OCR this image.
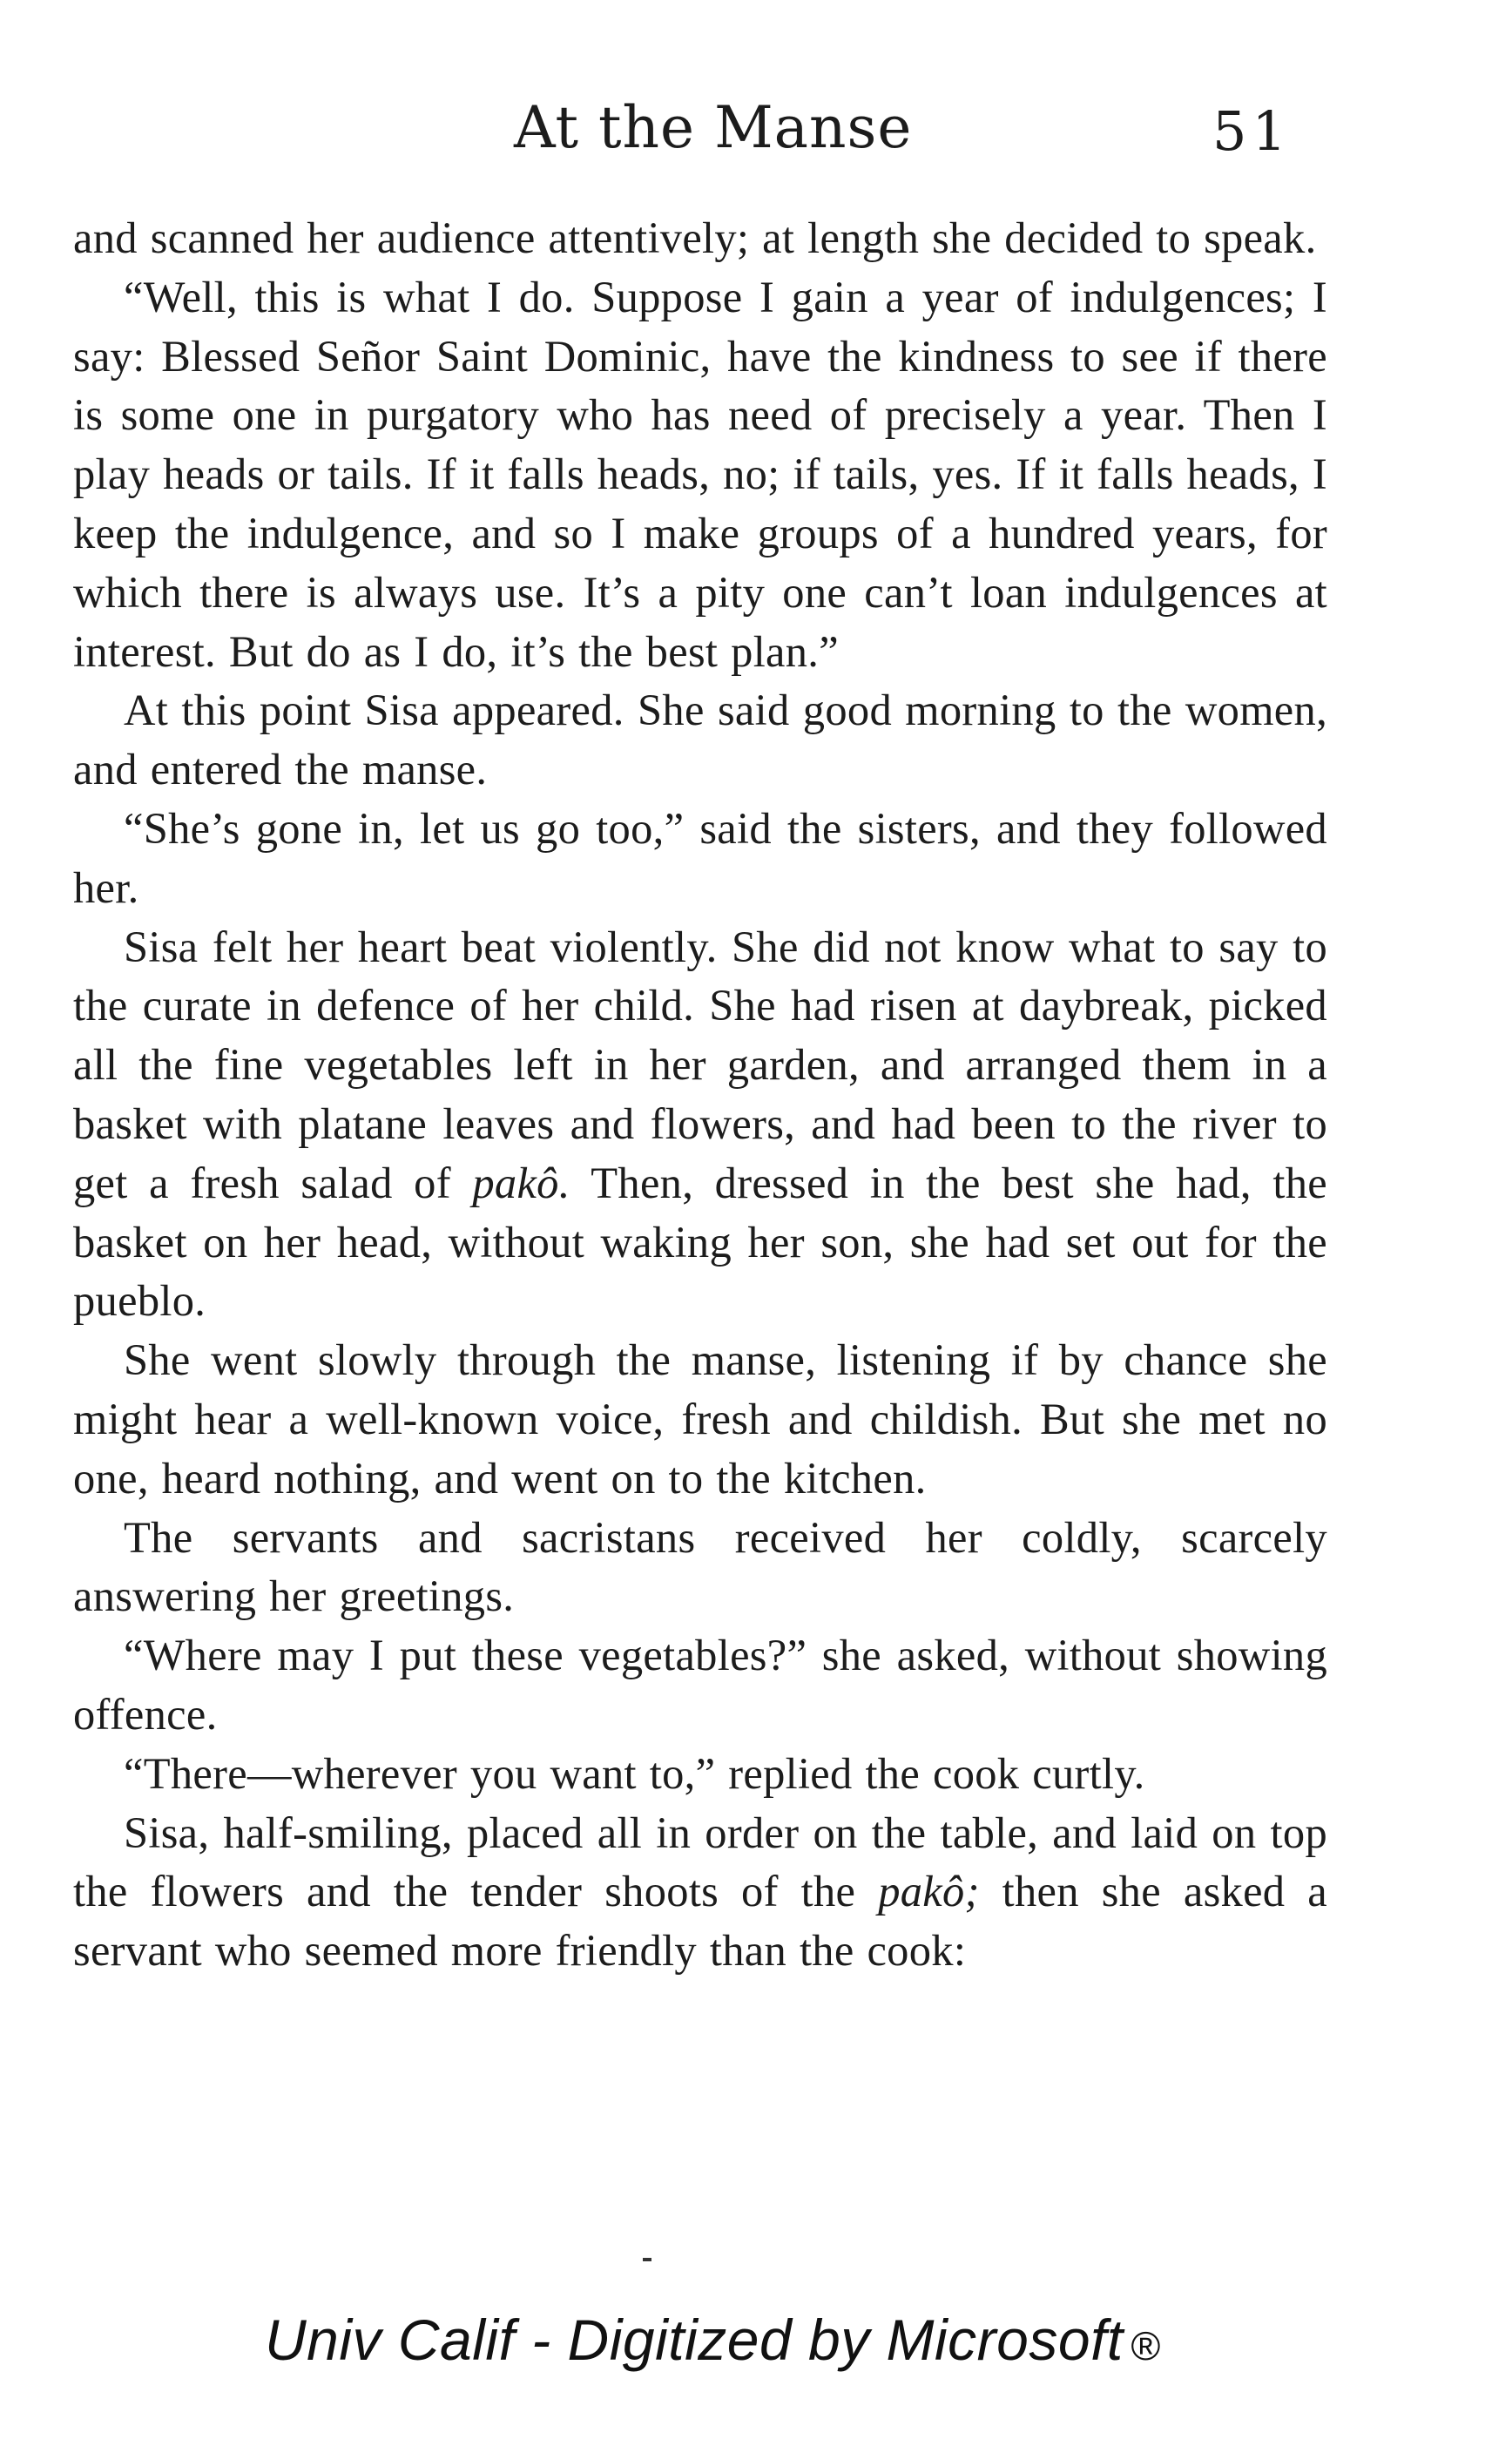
At the Manse	51

and scanned her audience attentively; at length she decided to speak.

“Well, this is what I do. Suppose I gain a year of indulgences; I say: Blessed Señor Saint Dominic, have the kindness to see if there is some one in purgatory who has need of precisely a year. Then I play heads or tails. If it falls heads, no; if tails, yes. If it falls heads, I keep the indulgence, and so I make groups of a hundred years, for which there is always use. It’s a pity one can’t loan indulgences at interest. But do as I do, it’s the best plan.”

At this point Sisa appeared. She said good morning to the women, and entered the manse.

“She’s gone in, let us go too,” said the sisters, and they followed her.

Sisa felt her heart beat violently. She did not know what to say to the curate in defence of her child. She had risen at daybreak, picked all the fine vegetables left in her garden, and arranged them in a basket with platane leaves and flowers, and had been to the river to get a fresh salad of pakô. Then, dressed in the best she had, the basket on her head, without waking her son, she had set out for the pueblo.

She went slowly through the manse, listening if by chance she might hear a well-known voice, fresh and childish. But she met no one, heard nothing, and went on to the kitchen.

The servants and sacristans received her coldly, scarcely answering her greetings.

“Where may I put these vegetables?” she asked, without showing offence.

“There—wherever you want to,” replied the cook curtly.

Sisa, half-smiling, placed all in order on the table, and laid on top the flowers and the tender shoots of the pakô; then she asked a servant who seemed more friendly than the cook:

Univ Calif - Digitized by Microsoft ®
